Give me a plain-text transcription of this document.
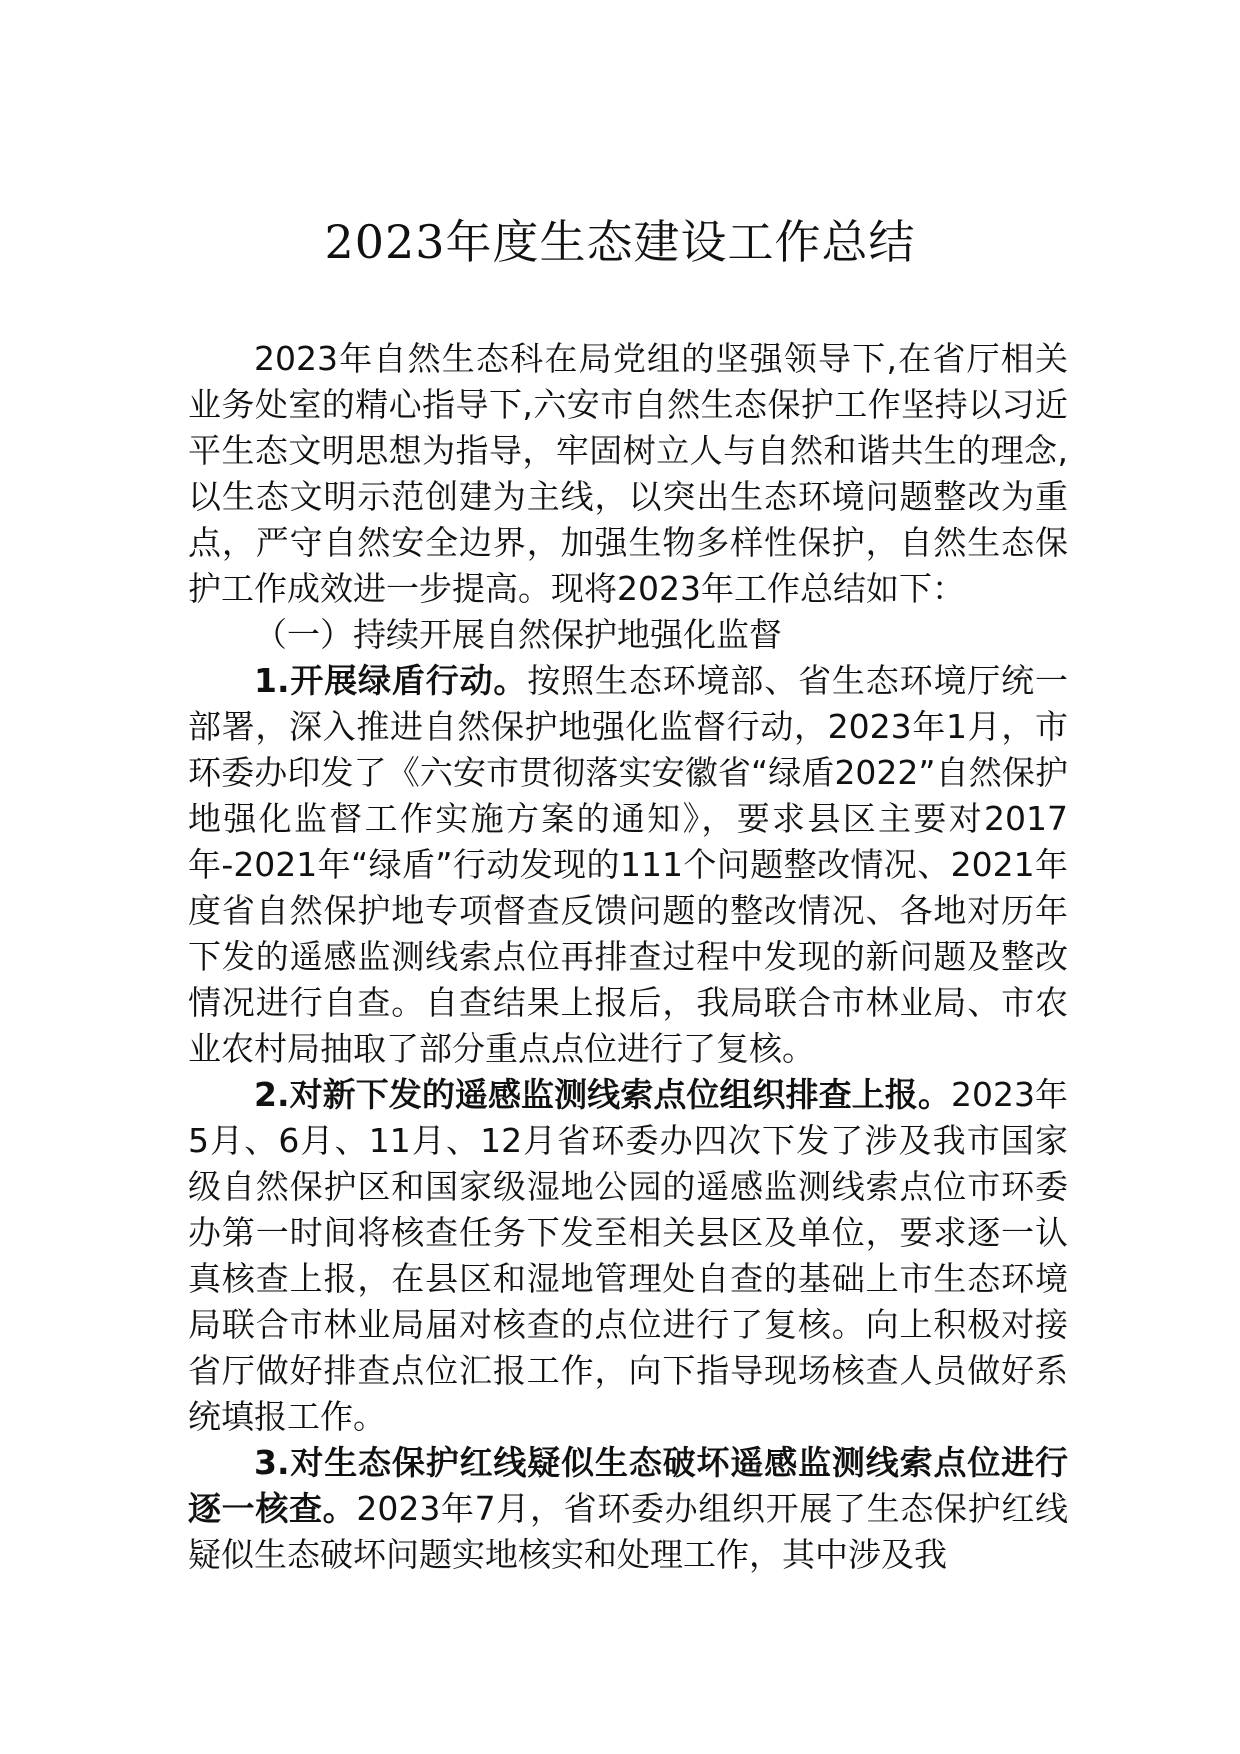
2023年度生态建设工作总结

2023年自然生态科在局党组的坚强领导下,在省厅相关业务处室的精心指导下,六安市自然生态保护工作坚持以习近平生态文明思想为指导，牢固树立人与自然和谐共生的理念,以生态文明示范创建为主线，以突出生态环境问题整改为重点，严守自然安全边界，加强生物多样性保护，自然生态保护工作成效进一步提高。现将2023年工作总结如下：

（一）持续开展自然保护地强化监督

1.开展绿盾行动。按照生态环境部、省生态环境厅统一部署，深入推进自然保护地强化监督行动，2023年1月，市环委办印发了《六安市贯彻落实安徽省“绿盾2022”自然保护地强化监督工作实施方案的通知》，要求县区主要对2017年-2021年“绿盾”行动发现的111个问题整改情况、2021年度省自然保护地专项督查反馈问题的整改情况、各地对历年下发的遥感监测线索点位再排查过程中发现的新问题及整改情况进行自查。自查结果上报后，我局联合市林业局、市农业农村局抽取了部分重点点位进行了复核。

2.对新下发的遥感监测线索点位组织排查上报。2023年5月、6月、11月、12月省环委办四次下发了涉及我市国家级自然保护区和国家级湿地公园的遥感监测线索点位市环委办第一时间将核查任务下发至相关县区及单位，要求逐一认真核查上报，在县区和湿地管理处自查的基础上市生态环境局联合市林业局届对核查的点位进行了复核。向上积极对接省厅做好排查点位汇报工作，向下指导现场核查人员做好系统填报工作。

3.对生态保护红线疑似生态破坏遥感监测线索点位进行逐一核查。2023年7月，省环委办组织开展了生态保护红线疑似生态破坏问题实地核实和处理工作，其中涉及我
